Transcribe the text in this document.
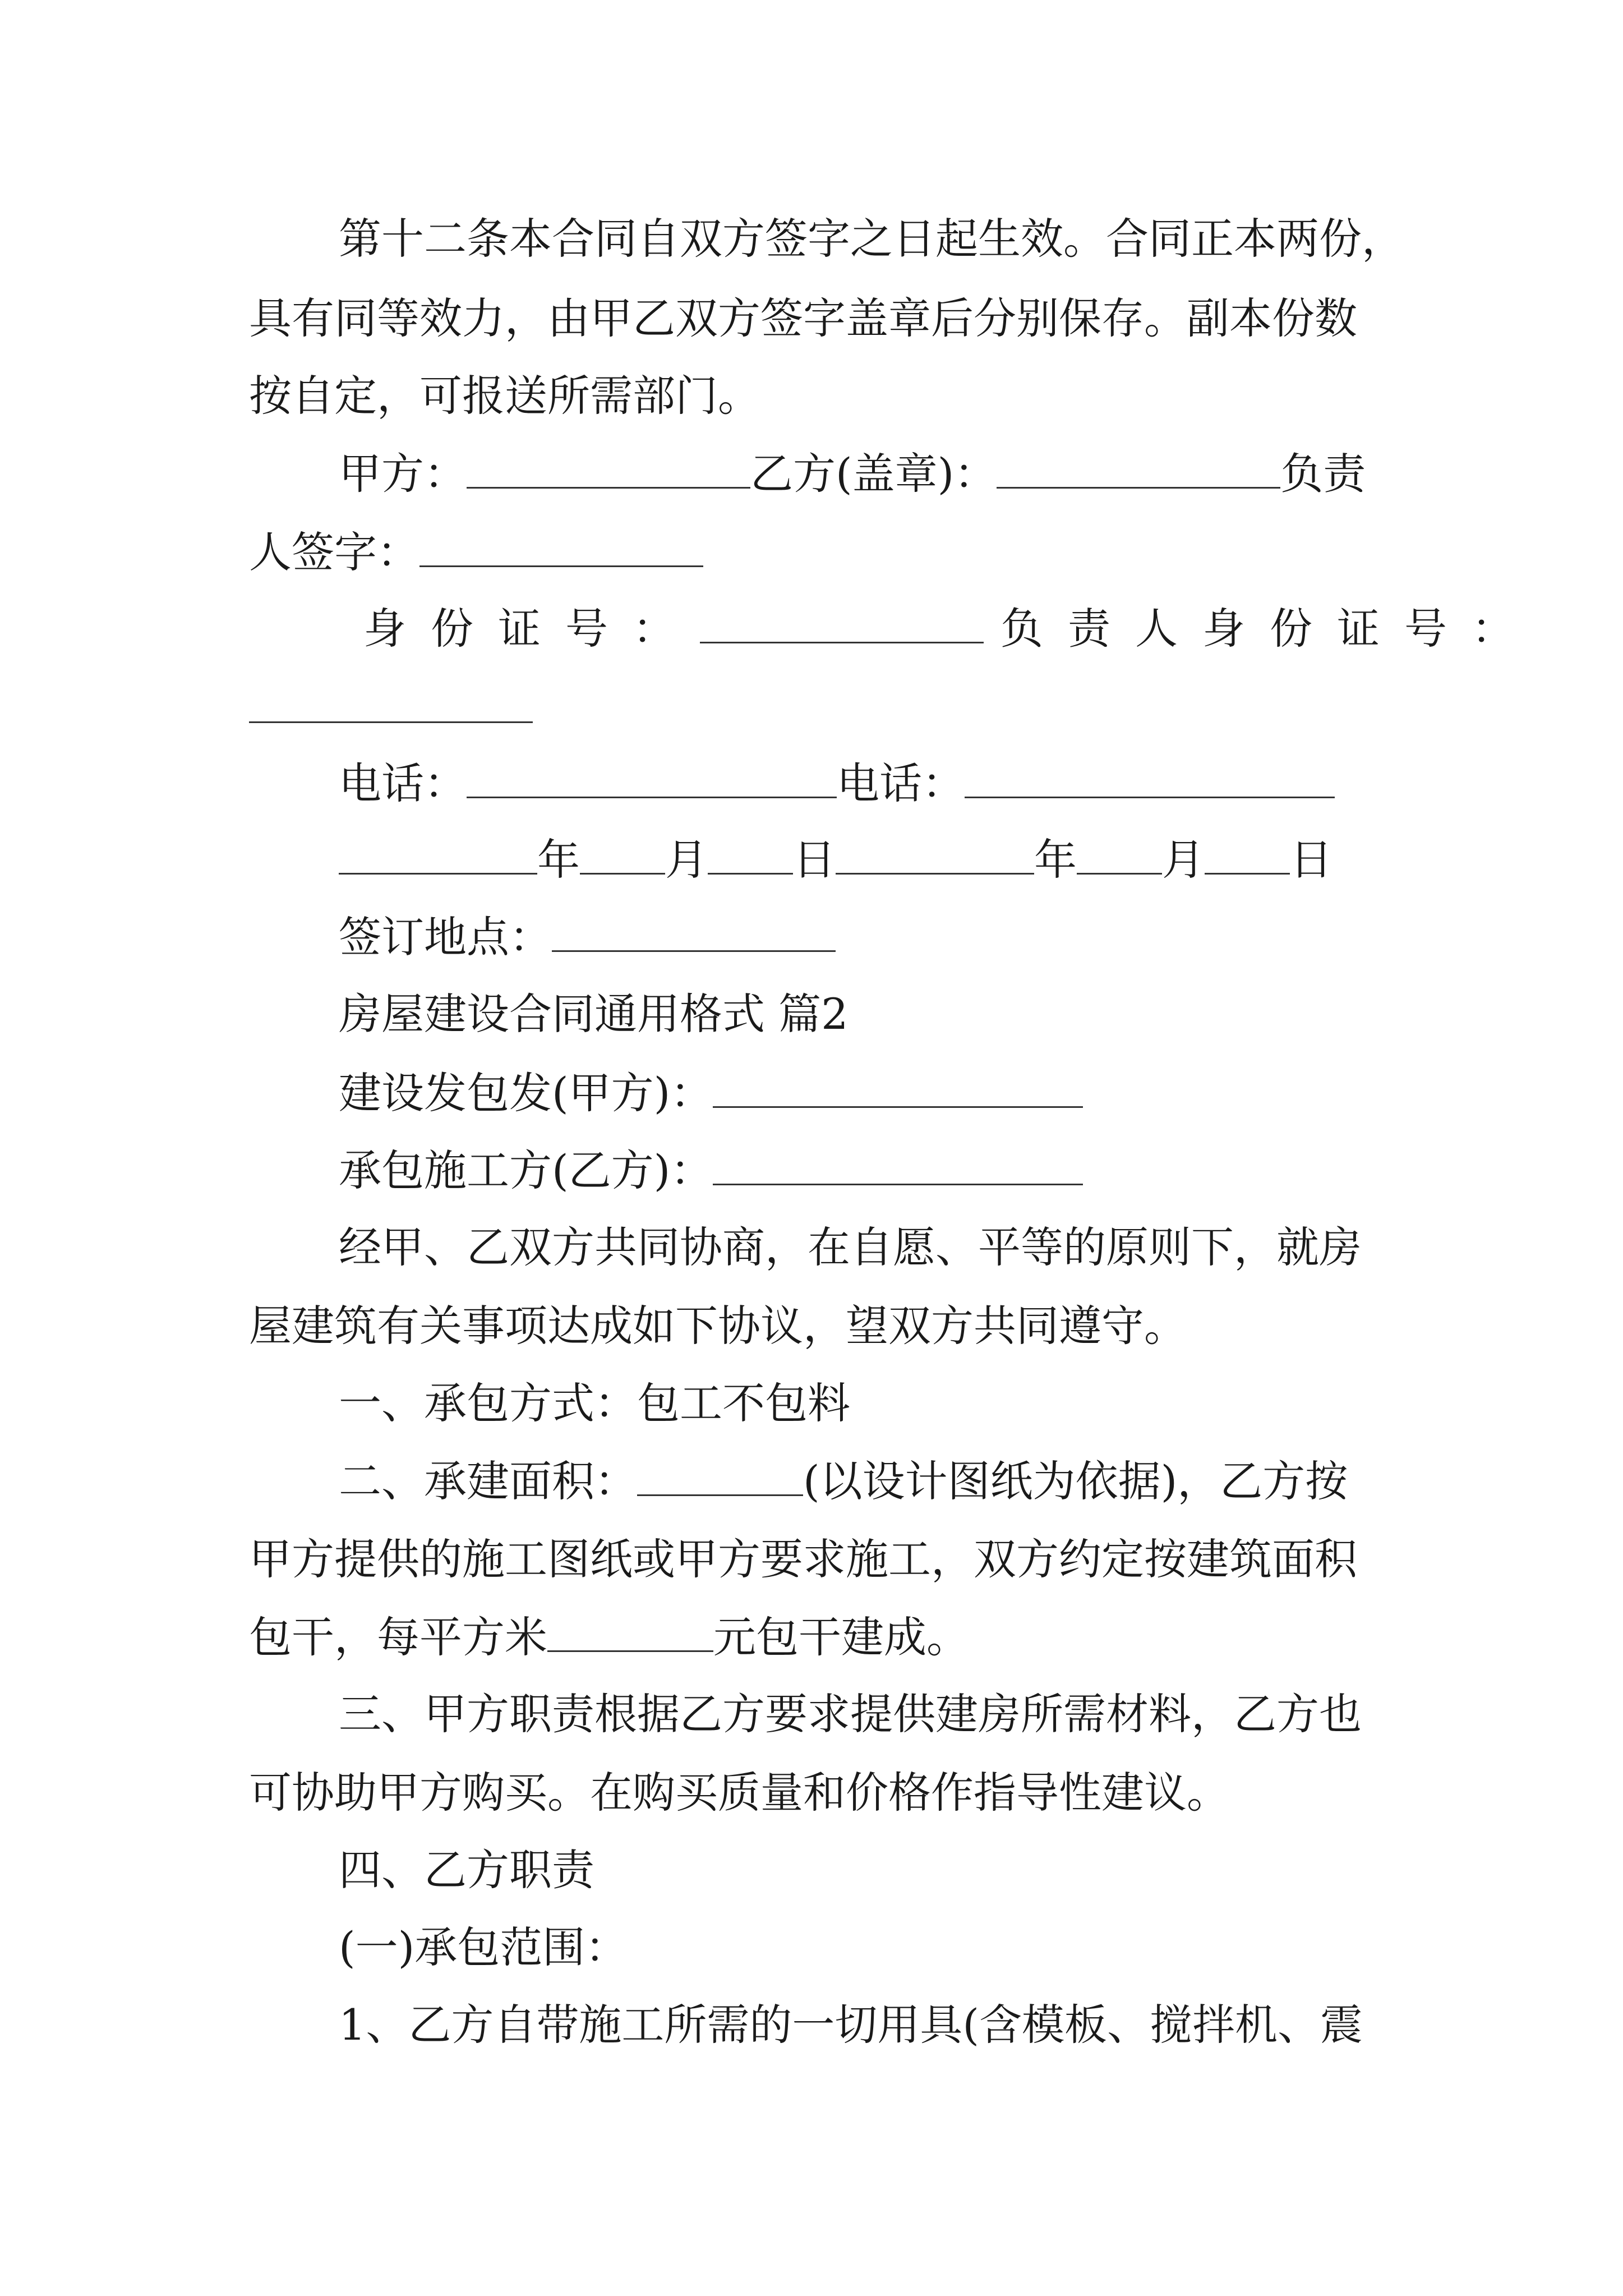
第十二条本合同自双方签字之日起生效。合同正本两份，
具有同等效力，由甲乙双方签字盖章后分别保存。副本份数
按自定，可报送所需部门。
甲方：	乙方(盖章)：	负责
人签字：
身份证号：	负责人身份证号：
电话：	电话：
年 月 日	年 月 日
签订地点：
房屋建设合同通用格式 篇2
建设发包发(甲方)：
承包施工方(乙方)：
经甲、乙双方共同协商，在自愿、平等的原则下，就房
屋建筑有关事项达成如下协议，望双方共同遵守。
一、承包方式：包工不包料
二、承建面积：	(以设计图纸为依据)，乙方按
甲方提供的施工图纸或甲方要求施工，双方约定按建筑面积
包干，每平方米	元包干建成。
三、甲方职责根据乙方要求提供建房所需材料，乙方也
可协助甲方购买。在购买质量和价格作指导性建议。
四、乙方职责
(一)承包范围：
1、乙方自带施工所需的一切用具(含模板、搅拌机、震
